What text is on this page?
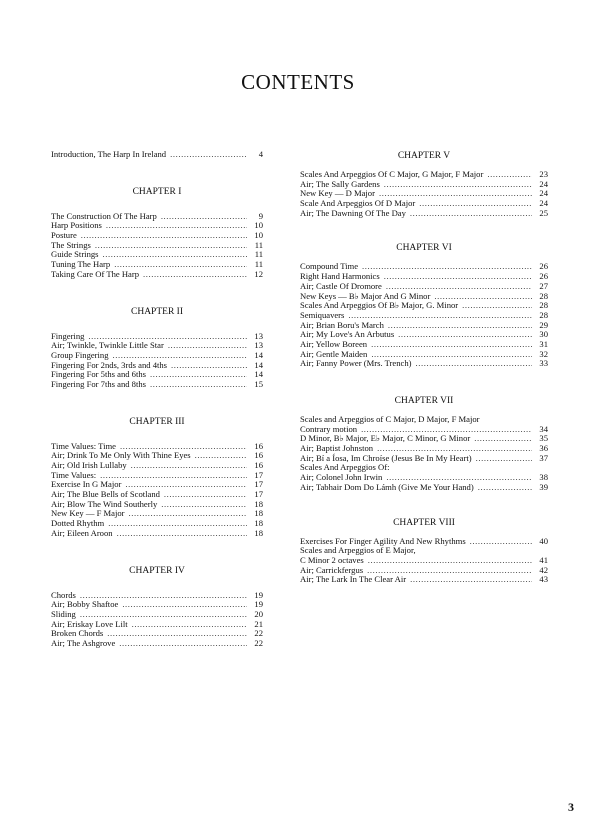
CONTENTS
Introduction, The Harp In Ireland .....	4
CHAPTER I
The Construction Of The Harp .....	9
Harp Positions .....	10
Posture .....	10
The Strings .....	11
Guide Strings .....	11
Tuning The Harp .....	11
Taking Care Of The Harp .....	12
CHAPTER II
Fingering .....	13
Air; Twinkle, Twinkle Little Star .....	13
Group Fingering .....	14
Fingering For 2nds, 3rds and 4ths .....	14
Fingering For 5ths and 6ths .....	14
Fingering For 7ths and 8ths .....	15
CHAPTER III
Time Values: Time .....	16
Air; Drink To Me Only With Thine Eyes .....	16
Air; Old Irish Lullaby .....	16
Time Values: .....	17
Exercise In G Major .....	17
Air; The Blue Bells of Scotland .....	17
Air; Blow The Wind Southerly .....	18
New Key — F Major .....	18
Dotted Rhythm .....	18
Air; Eileen Aroon .....	18
CHAPTER IV
Chords .....	19
Air; Bobby Shaftoe .....	19
Sliding .....	20
Air; Eriskay Love Lilt .....	21
Broken Chords .....	22
Air; The Ashgrove .....	22
CHAPTER V
Scales And Arpeggios Of C Major, G Major, F Major .....	23
Air; The Sally Gardens .....	24
New Key — D Major .....	24
Scale And Arpeggios Of D Major .....	24
Air; The Dawning Of The Day .....	25
CHAPTER VI
Compound Time .....	26
Right Hand Harmonics .....	26
Air; Castle Of Dromore .....	27
New Keys — B♭ Major And G Minor .....	28
Scales And Arpeggios Of B♭ Major, G. Minor .....	28
Semiquavers .....	28
Air; Brian Boru's March .....	29
Air; My Love's An Arbutus .....	30
Air; Yellow Boreen .....	31
Air; Gentle Maiden .....	32
Air; Fanny Power (Mrs. Trench) .....	33
CHAPTER VII
Scales and Arpeggios of C Major, D Major, F Major
Contrary motion .....	34
D Minor, B♭ Major, E♭ Major, C Minor, G Minor .....	35
Air; Baptist Johnston .....	36
Air; Bí a Íosa, Im Chroíse (Jesus Be In My Heart) .....	37
Scales And Arpeggios Of:
Air; Colonel John Irwin .....	38
Air; Tabhair Dom Do Lámh (Give Me Your Hand) .....	39
CHAPTER VIII
Exercises For Finger Agility And New Rhythms .....	40
Scales and Arpeggios of E Major,
C Minor 2 octaves .....	41
Air; Carrickfergus .....	42
Air; The Lark In The Clear Air .....	43
3
